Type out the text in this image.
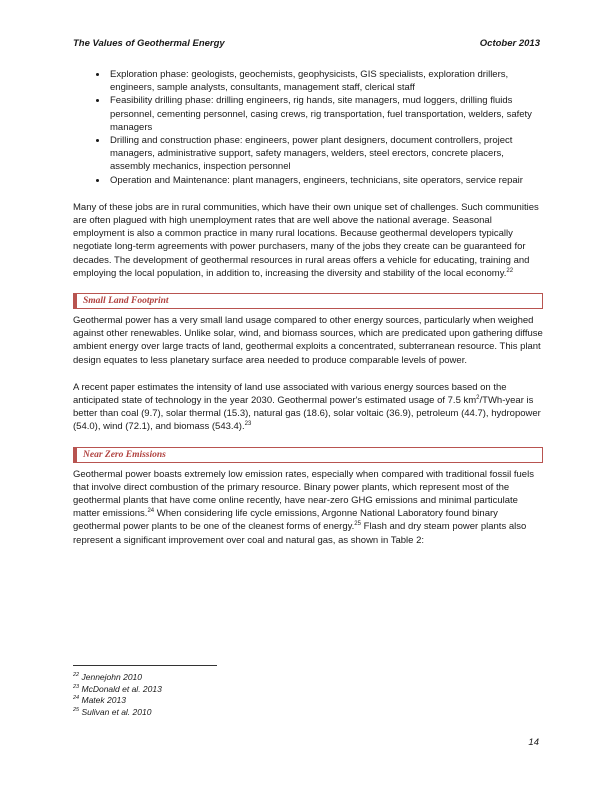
The Values of Geothermal Energy	October 2013
• Exploration phase: geologists, geochemists, geophysicists, GIS specialists, exploration drillers, engineers, sample analysts, consultants, management staff, clerical staff
• Feasibility drilling phase: drilling engineers, rig hands, site managers, mud loggers, drilling fluids personnel, cementing personnel, casing crews, rig transportation, fuel transportation, welders, safety managers
• Drilling and construction phase: engineers, power plant designers, document controllers, project managers, administrative support, safety managers, welders, steel erectors, concrete placers, assembly mechanics, inspection personnel
• Operation and Maintenance: plant managers, engineers, technicians, site operators, service repair

Many of these jobs are in rural communities, which have their own unique set of challenges. Such communities are often plagued with high unemployment rates that are well above the national average. Seasonal employment is also a common practice in many rural locations. Because geothermal developers typically negotiate long-term agreements with power purchasers, many of the jobs they create can be guaranteed for decades. The development of geothermal resources in rural areas offers a vehicle for educating, training and employing the local population, in addition to, increasing the diversity and stability of the local economy.$^{22}$

Small Land Footprint

Geothermal power has a very small land usage compared to other energy sources, particularly when weighed against other renewables. Unlike solar, wind, and biomass sources, which are predicated upon gathering diffuse ambient energy over large tracts of land, geothermal exploits a concentrated, subterranean resource. This plant design equates to less planetary surface area needed to produce comparable levels of power.

A recent paper estimates the intensity of land use associated with various energy sources based on the anticipated state of technology in the year 2030. Geothermal power's estimated usage of 7.5 $km^2/TWh$-year is better than coal (9.7), solar thermal (15.3), natural gas (18.6), solar voltaic (36.9), petroleum (44.7), hydropower (54.0), wind (72.1), and biomass (543.4).$^{23}$

Near Zero Emissions

Geothermal power boasts extremely low emission rates, especially when compared with traditional fossil fuels that involve direct combustion of the primary resource. Binary power plants, which represent most of the geothermal plants that have come online recently, have near-zero GHG emissions and minimal particulate matter emissions.$^{24}$ When considering life cycle emissions, Argonne National Laboratory found binary geothermal power plants to be one of the cleanest forms of energy.$^{25}$ Flash and dry steam power plants also represent a significant improvement over coal and natural gas, as shown in Table 2:

$^{22}$ Jennejohn 2010
$^{23}$ McDonald et al. 2013
$^{24}$ Matek 2013
$^{25}$ Sulivan et al. 2010
14
